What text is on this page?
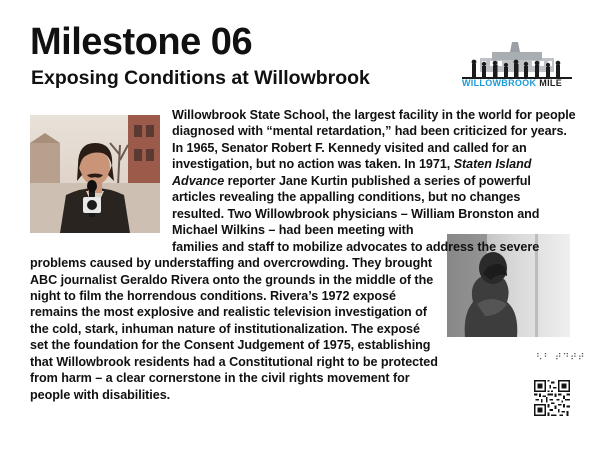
Milestone 06
Exposing Conditions at Willowbrook	WILLOWBROOK MILE
⠣⠃ ⠞⠙⠞⠞

Willowbrook State School, the largest facility in the world for people
diagnosed with “mental retardation,” had been criticized for years.
In 1965, Senator Robert F. Kennedy visited and called for an
investigation, but no action was taken. In 1971, Staten Island
Advance reporter Jane Kurtin published a series of powerful
articles revealing the appalling conditions, but no changes
resulted. Two Willowbrook physicians – William Bronston and
Michael Wilkins – had been meeting with
families and staff to mobilize advocates to address the severe
problems caused by understaffing and overcrowding. They brought
ABC journalist Geraldo Rivera onto the grounds in the middle of the
night to film the horrendous conditions. Rivera’s 1972 exposé
remains the most explosive and realistic television investigation of
the cold, stark, inhuman nature of institutionalization. The exposé
set the foundation for the Consent Judgement of 1975, establishing
that Willowbrook residents had a Constitutional right to be protected
from harm – a clear cornerstone in the civil rights movement for
people with disabilities.
